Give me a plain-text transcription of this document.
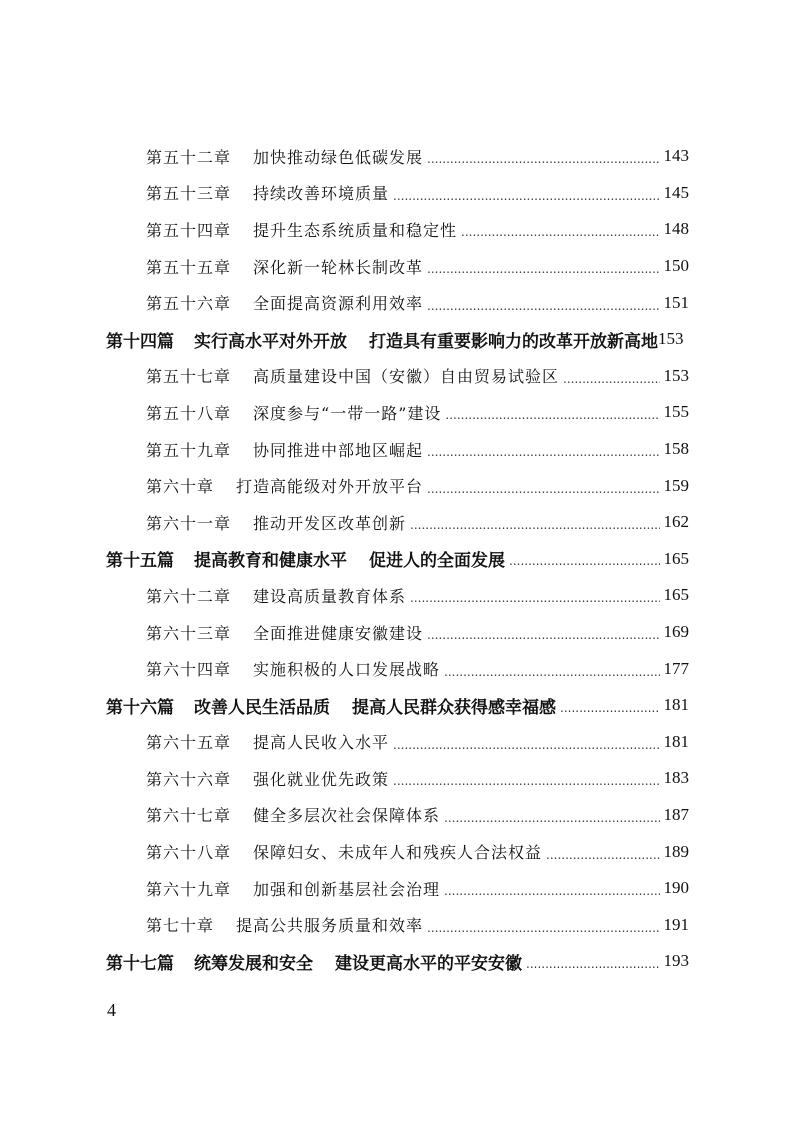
第五十二章 加快推动绿色低碳发展 .....	143
第五十三章 持续改善环境质量 .....	145
第五十四章 提升生态系统质量和稳定性 .....	148
第五十五章 深化新一轮林长制改革 .....	150
第五十六章 全面提高资源利用效率 .....	151
第十四篇 实行高水平对外开放 打造具有重要影响力的改革开放新高地 153
第五十七章 高质量建设中国（安徽）自由贸易试验区 .....	153
第五十八章 深度参与“一带一路”建设 .....	155
第五十九章 协同推进中部地区崛起 .....	158
第六十章 打造高能级对外开放平台 .....	159
第六十一章 推动开发区改革创新 .....	162
第十五篇 提高教育和健康水平 促进人的全面发展 .....	165
第六十二章 建设高质量教育体系 .....	165
第六十三章 全面推进健康安徽建设 .....	169
第六十四章 实施积极的人口发展战略 .....	177
第十六篇 改善人民生活品质 提高人民群众获得感幸福感 .....	181
第六十五章 提高人民收入水平 .....	181
第六十六章 强化就业优先政策 .....	183
第六十七章 健全多层次社会保障体系 .....	187
第六十八章 保障妇女、未成年人和残疾人合法权益 .....	189
第六十九章 加强和创新基层社会治理 .....	190
第七十章 提高公共服务质量和效率 .....	191
第十七篇 统筹发展和安全 建设更高水平的平安安徽 .....	193
4
